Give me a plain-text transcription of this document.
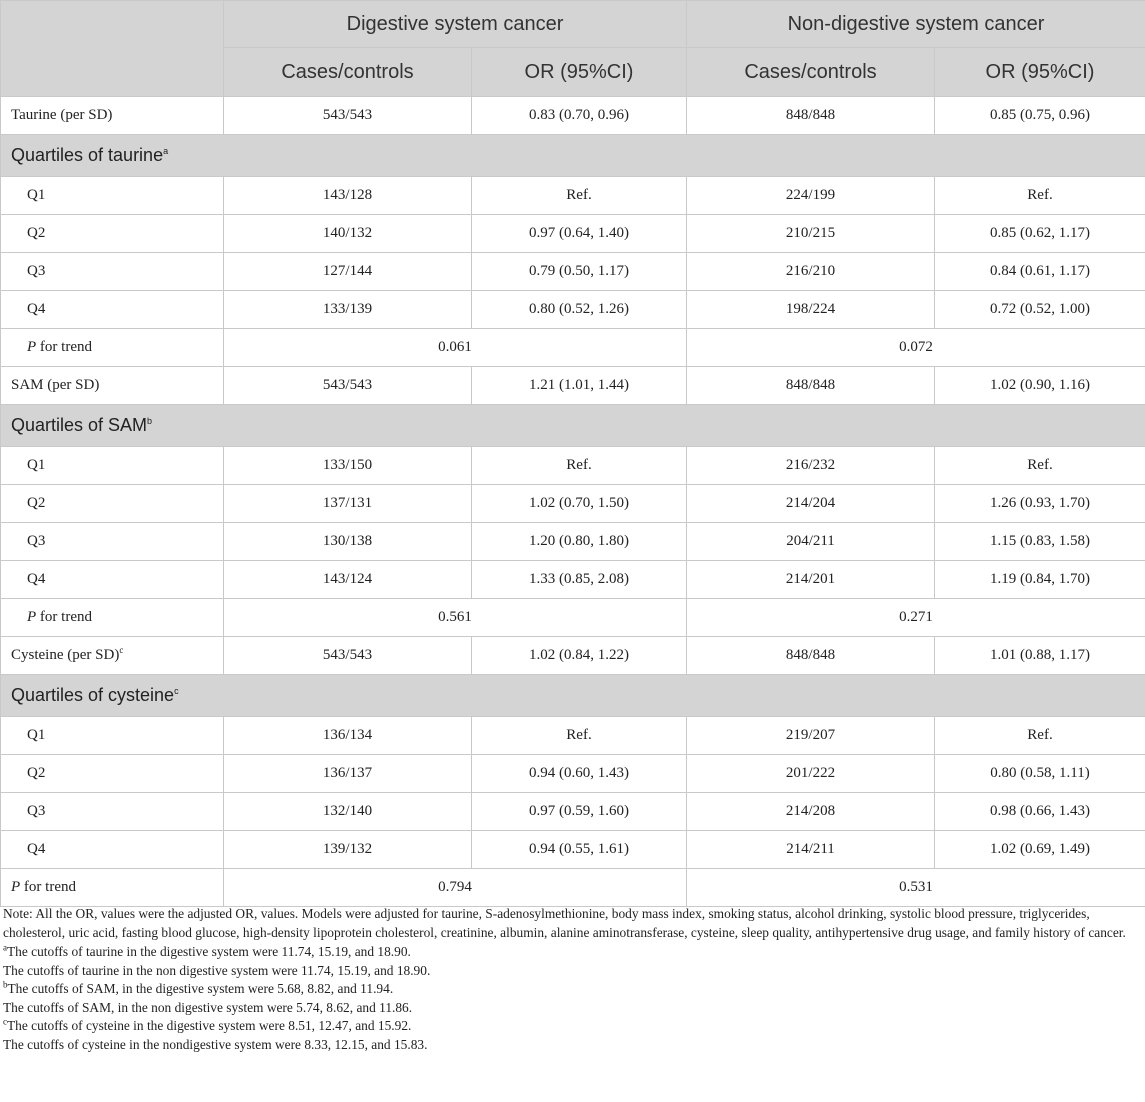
	Digestive system cancer		Non-digestive system cancer	
	Cases/controls	OR (95%CI)	Cases/controls	OR (95%CI)
Taurine (per SD)	543/543	0.83 (0.70, 0.96)	848/848	0.85 (0.75, 0.96)
Quartiles of taurine$^a$
Q1	143/128	Ref.	224/199	Ref.
Q2	140/132	0.97 (0.64, 1.40)	210/215	0.85 (0.62, 1.17)
Q3	127/144	0.79 (0.50, 1.17)	216/210	0.84 (0.61, 1.17)
Q4	133/139	0.80 (0.52, 1.26)	198/224	0.72 (0.52, 1.00)
P for trend	0.061		0.072	
SAM (per SD)	543/543	1.21 (1.01, 1.44)	848/848	1.02 (0.90, 1.16)
Quartiles of SAM$^b$
Q1	133/150	Ref.	216/232	Ref.
Q2	137/131	1.02 (0.70, 1.50)	214/204	1.26 (0.93, 1.70)
Q3	130/138	1.20 (0.80, 1.80)	204/211	1.15 (0.83, 1.58)
Q4	143/124	1.33 (0.85, 2.08)	214/201	1.19 (0.84, 1.70)
P for trend	0.561		0.271	
Cysteine (per SD)$^c$	543/543	1.02 (0.84, 1.22)	848/848	1.01 (0.88, 1.17)
Quartiles of cysteine$^c$
Q1	136/134	Ref.	219/207	Ref.
Q2	136/137	0.94 (0.60, 1.43)	201/222	0.80 (0.58, 1.11)
Q3	132/140	0.97 (0.59, 1.60)	214/208	0.98 (0.66, 1.43)
Q4	139/132	0.94 (0.55, 1.61)	214/211	1.02 (0.69, 1.49)
P for trend	0.794		0.531	

Note: All the OR, values were the adjusted OR, values. Models were adjusted for taurine, S-adenosylmethionine, body mass index, smoking status, alcohol drinking, systolic blood pressure, triglycerides, cholesterol, uric acid, fasting blood glucose, high-density lipoprotein cholesterol, creatinine, albumin, alanine aminotransferase, cysteine, sleep quality, antihypertensive drug usage, and family history of cancer.

$^a$The cutoffs of taurine in the digestive system were 11.74, 15.19, and 18.90.

The cutoffs of taurine in the non digestive system were 11.74, 15.19, and 18.90.

$^b$The cutoffs of SAM, in the digestive system were 5.68, 8.82, and 11.94.

The cutoffs of SAM, in the non digestive system were 5.74, 8.62, and 11.86.

$^c$The cutoffs of cysteine in the digestive system were 8.51, 12.47, and 15.92.

The cutoffs of cysteine in the nondigestive system were 8.33, 12.15, and 15.83.
